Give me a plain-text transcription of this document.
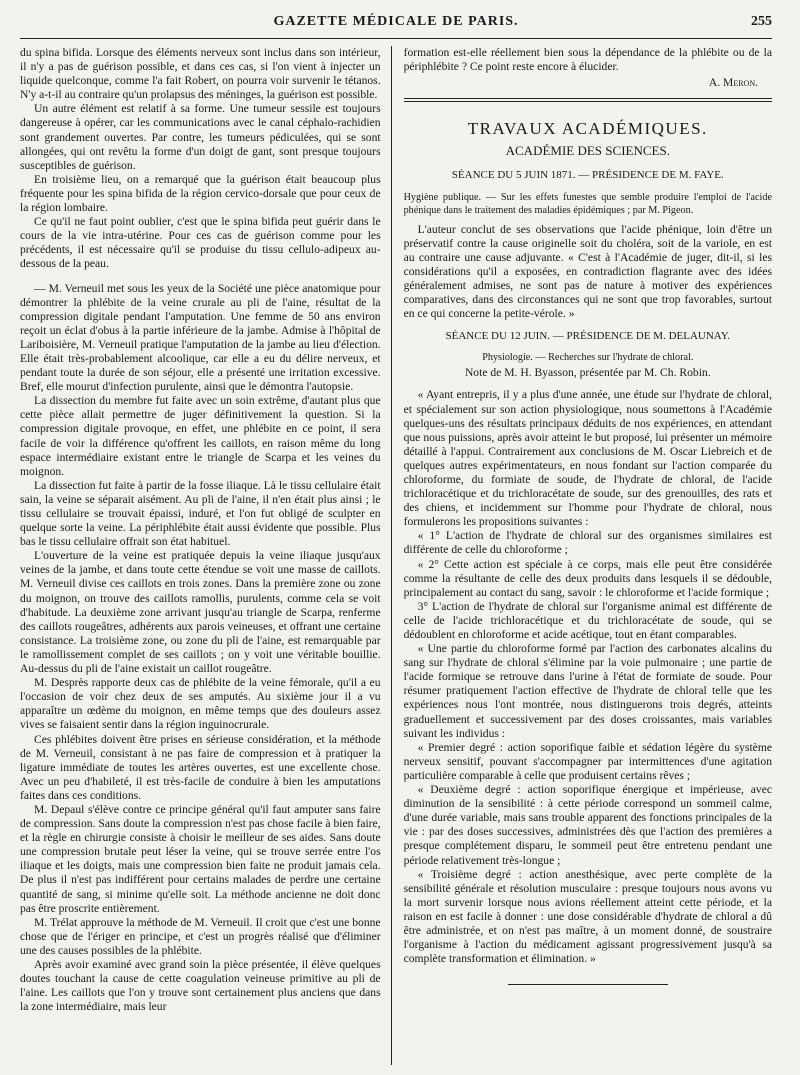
GAZETTE MÉDICALE DE PARIS.	255

du spina bifida. Lorsque des éléments nerveux sont inclus dans son intérieur, il n'y a pas de guérison possible, et dans ces cas, si l'on vient à injecter un liquide quelconque, comme l'a fait Robert, on pourra voir survenir le tétanos. N'y a-t-il au contraire qu'un prolapsus des méninges, la guérison est possible.

Un autre élément est relatif à sa forme. Une tumeur sessile est toujours dangereuse à opérer, car les communications avec le canal céphalo-rachidien sont grandement ouvertes. Par contre, les tumeurs pédiculées, qui se sont allongées, qui ont revêtu la forme d'un doigt de gant, sont presque toujours susceptibles de guérison.

En troisième lieu, on a remarqué que la guérison était beaucoup plus fréquente pour les spina bifida de la région cervico-dorsale que pour ceux de la région lombaire.

Ce qu'il ne faut point oublier, c'est que le spina bifida peut guérir dans le cours de la vie intra-utérine. Pour ces cas de guérison comme pour les précédents, il est nécessaire qu'il se produise du tissu cellulo-adipeux au-dessous de la peau.

— M. Verneuil met sous les yeux de la Société une pièce anatomique pour démontrer la phlébite de la veine crurale au pli de l'aine, résultat de la compression digitale pendant l'amputation. Une femme de 50 ans environ reçoit un éclat d'obus à la partie inférieure de la jambe. Admise à l'hôpital de Lariboisière, M. Verneuil pratique l'amputation de la jambe au lieu d'élection. Elle était très-probablement alcoolique, car elle a eu du délire nerveux, et pendant toute la durée de son séjour, elle a présenté une irritation excessive. Bref, elle mourut d'infection purulente, ainsi que le démontra l'autopsie.

La dissection du membre fut faite avec un soin extrême, d'autant plus que cette pièce allait permettre de juger définitivement la question. Si la compression digitale provoque, en effet, une phlébite en ce point, il sera facile de voir la différence qu'offrent les caillots, en raison même du long espace intermédiaire existant entre le triangle de Scarpa et les veines du moignon.

La dissection fut faite à partir de la fosse iliaque. Là le tissu cellulaire était sain, la veine se séparait aisément. Au pli de l'aine, il n'en était plus ainsi ; le tissu cellulaire se trouvait épaissi, induré, et l'on fut obligé de sculpter en quelque sorte la veine. La périphlébite était aussi évidente que possible. Plus bas le tissu cellulaire offrait son état habituel.

L'ouverture de la veine est pratiquée depuis la veine iliaque jusqu'aux veines de la jambe, et dans toute cette étendue se voit une masse de caillots. M. Verneuil divise ces caillots en trois zones. Dans la première zone ou zone du moignon, on trouve des caillots ramollis, purulents, comme cela se voit d'habitude. La deuxième zone arrivant jusqu'au triangle de Scarpa, renferme des caillots rougeâtres, adhérents aux parois veineuses, et offrant une certaine consistance. La troisième zone, ou zone du pli de l'aine, est remarquable par le ramollissement complet de ses caillots ; on y voit une véritable bouillie. Au-dessus du pli de l'aine existait un caillot rougeâtre.

M. Desprès rapporte deux cas de phlébite de la veine fémorale, qu'il a eu l'occasion de voir chez deux de ses amputés. Au sixième jour il a vu apparaître un œdème du moignon, en même temps que des douleurs assez vives se faisaient sentir dans la région inguinocrurale.

Ces phlébites doivent être prises en sérieuse considération, et la méthode de M. Verneuil, consistant à ne pas faire de compression et à pratiquer la ligature immédiate de toutes les artères ouvertes, est une excellente chose. Avec un peu d'habileté, il est très-facile de conduire à bien les amputations faites dans ces conditions.

M. Depaul s'élève contre ce principe général qu'il faut amputer sans faire de compression. Sans doute la compression n'est pas chose facile à bien faire, et la règle en chirurgie consiste à choisir le meilleur de ses aides. Sans doute une compression brutale peut léser la veine, qui se trouve serrée entre l'os iliaque et les doigts, mais une compression bien faite ne produit jamais cela. De plus il n'est pas indifférent pour certains malades de perdre une certaine quantité de sang, si minime qu'elle soit. La méthode ancienne ne doit donc pas être proscrite entièrement.

M. Trélat approuve la méthode de M. Verneuil. Il croit que c'est une bonne chose que de l'ériger en principe, et c'est un progrès réalisé que d'éliminer une des causes possibles de la phlébite.

Après avoir examiné avec grand soin la pièce présentée, il élève quelques doutes touchant la cause de cette coagulation veineuse primitive au pli de l'aine. Les caillots que l'on y trouve sont certainement plus anciens que dans la zone intermédiaire, mais leur

formation est-elle réellement bien sous la dépendance de la phlébite ou de la périphlébite ? Ce point reste encore à élucider.

A. Meron.
TRAVAUX ACADÉMIQUES.
ACADÉMIE DES SCIENCES.
SÉANCE DU 5 JUIN 1871. — PRÉSIDENCE DE M. FAYE.

Hygiène publique. — Sur les effets funestes que semble produire l'emploi de l'acide phénique dans le traitement des maladies épidémiques ; par M. Pigeon.

L'auteur conclut de ses observations que l'acide phénique, loin d'être un préservatif contre la cause originelle soit du choléra, soit de la variole, en est au contraire une cause adjuvante. « C'est à l'Académie de juger, dit-il, si les considérations qu'il a exposées, en contradiction flagrante avec des idées généralement admises, ne sont pas de nature à motiver des expériences comparatives, dans des circonstances qui ne sont que trop favorables, surtout en ce qui concerne la petite-vérole. »

SÉANCE DU 12 JUIN. — PRÉSIDENCE DE M. DELAUNAY.

Physiologie. — Recherches sur l'hydrate de chloral.

Note de M. H. Byasson, présentée par M. Ch. Robin.

« Ayant entrepris, il y a plus d'une année, une étude sur l'hydrate de chloral, et spécialement sur son action physiologique, nous soumettons à l'Académie quelques-uns des résultats principaux déduits de nos expériences, en attendant que nous puissions, après avoir atteint le but proposé, lui présenter un mémoire détaillé à l'appui. Contrairement aux conclusions de M. Oscar Liebreich et de quelques autres expérimentateurs, en nous fondant sur l'action comparée du chloroforme, du formiate de soude, de l'hydrate de chloral, de l'acide trichloracétique et du trichloracétate de soude, sur des grenouilles, des rats et des chiens, et incidemment sur l'homme pour l'hydrate de chloral, nous formulerons les propositions suivantes :

« 1° L'action de l'hydrate de chloral sur des organismes similaires est différente de celle du chloroforme ;

« 2° Cette action est spéciale à ce corps, mais elle peut être considérée comme la résultante de celle des deux produits dans lesquels il se dédouble, principalement au contact du sang, savoir : le chloroforme et l'acide formique ;

3° L'action de l'hydrate de chloral sur l'organisme animal est différente de celle de l'acide trichloracétique et du trichloracétate de soude, qui se dédoublent en chloroforme et acide acétique, tout en étant comparables.

« Une partie du chloroforme formé par l'action des carbonates alcalins du sang sur l'hydrate de chloral s'élimine par la voie pulmonaire ; une partie de l'acide formique se retrouve dans l'urine à l'état de formiate de soude. Pour résumer pratiquement l'action effective de l'hydrate de chloral telle que les expériences nous l'ont montrée, nous distinguerons trois degrés, atteints graduellement et successivement par des doses croissantes, mais variables suivant les individus :

« Premier degré : action soporifique faible et sédation légère du système nerveux sensitif, pouvant s'accompagner par intermittences d'une agitation particulière comparable à celle que produisent certains rêves ;

« Deuxième degré : action soporifique énergique et impérieuse, avec diminution de la sensibilité : à cette période correspond un sommeil calme, d'une durée variable, mais sans trouble apparent des fonctions principales de la vie : par des doses successives, administrées dès que l'action des premières a presque complétement disparu, le sommeil peut être entretenu pendant une période relativement très-longue ;

« Troisième degré : action anesthésique, avec perte complète de la sensibilité générale et résolution musculaire : presque toujours nous avons vu la mort survenir lorsque nous avions réellement atteint cette période, et la raison en est facile à donner : une dose considérable d'hydrate de chloral a dû être administrée, et on n'est pas maître, à un moment donné, de soustraire l'organisme à l'action du médicament agissant progressivement jusqu'à sa complète transformation et élimination. »
